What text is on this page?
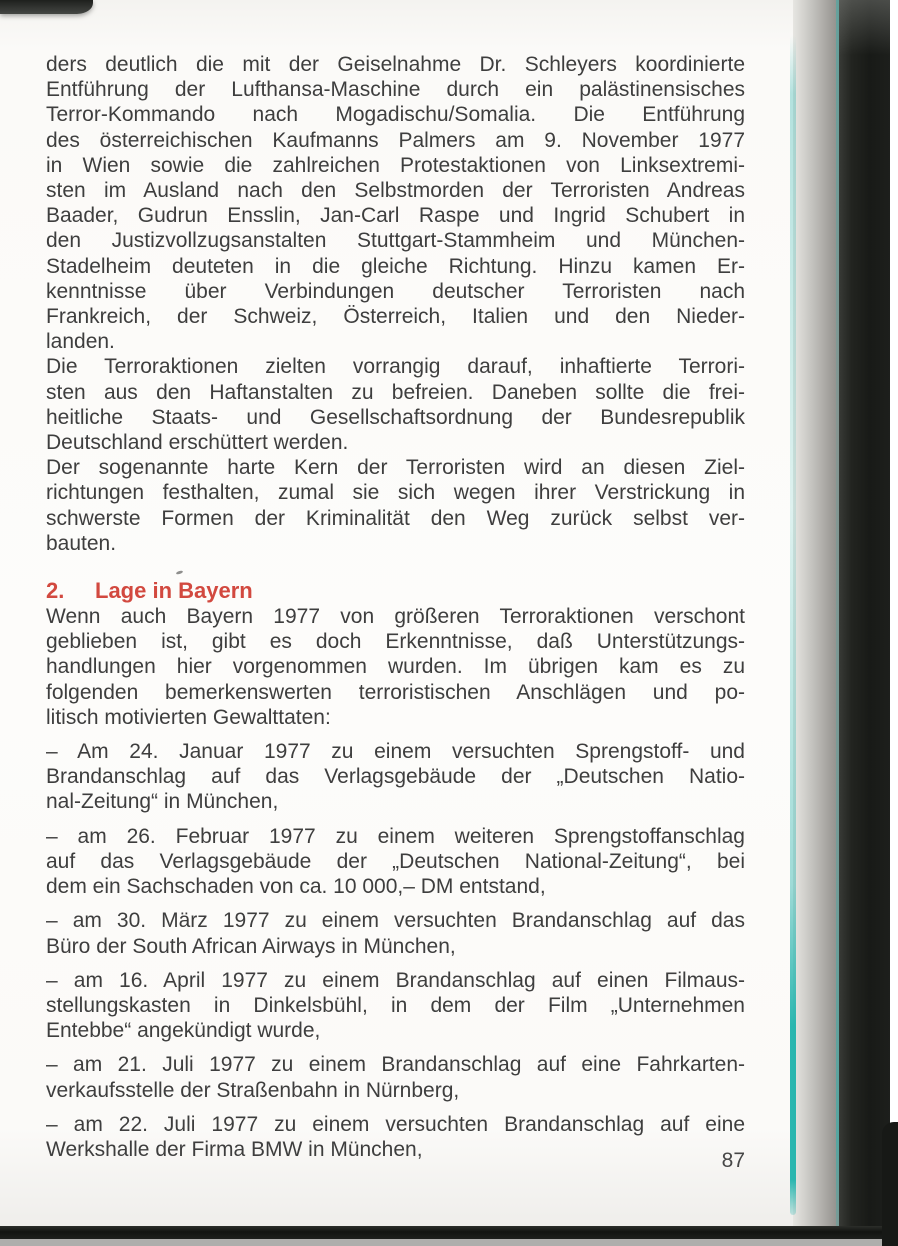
ders deutlich die mit der Geiselnahme Dr. Schleyers koordinierte
Entführung der Lufthansa-Maschine durch ein palästinensisches
Terror-Kommando nach Mogadischu/Somalia. Die Entführung
des österreichischen Kaufmanns Palmers am 9. November 1977
in Wien sowie die zahlreichen Protestaktionen von Linksextremi-
sten im Ausland nach den Selbstmorden der Terroristen Andreas
Baader, Gudrun Ensslin, Jan-Carl Raspe und Ingrid Schubert in
den Justizvollzugsanstalten Stuttgart-Stammheim und München-
Stadelheim deuteten in die gleiche Richtung. Hinzu kamen Er-
kenntnisse über Verbindungen deutscher Terroristen nach
Frankreich, der Schweiz, Österreich, Italien und den Nieder-
landen.
Die Terroraktionen zielten vorrangig darauf, inhaftierte Terrori-
sten aus den Haftanstalten zu befreien. Daneben sollte die frei-
heitliche Staats- und Gesellschaftsordnung der Bundesrepublik
Deutschland erschüttert werden.
Der sogenannte harte Kern der Terroristen wird an diesen Ziel-
richtungen festhalten, zumal sie sich wegen ihrer Verstrickung in
schwerste Formen der Kriminalität den Weg zurück selbst ver-
bauten.
2. Lage in Bayern
Wenn auch Bayern 1977 von größeren Terroraktionen verschont
geblieben ist, gibt es doch Erkenntnisse, daß Unterstützungs-
handlungen hier vorgenommen wurden. Im übrigen kam es zu
folgenden bemerkenswerten terroristischen Anschlägen und po-
litisch motivierten Gewalttaten:
– Am 24. Januar 1977 zu einem versuchten Sprengstoff- und
Brandanschlag auf das Verlagsgebäude der „Deutschen Natio-
nal-Zeitung“ in München,
– am 26. Februar 1977 zu einem weiteren Sprengstoffanschlag
auf das Verlagsgebäude der „Deutschen National-Zeitung“, bei
dem ein Sachschaden von ca. 10 000,– DM entstand,
– am 30. März 1977 zu einem versuchten Brandanschlag auf das
Büro der South African Airways in München,
– am 16. April 1977 zu einem Brandanschlag auf einen Filmaus-
stellungskasten in Dinkelsbühl, in dem der Film „Unternehmen
Entebbe“ angekündigt wurde,
– am 21. Juli 1977 zu einem Brandanschlag auf eine Fahrkarten-
verkaufsstelle der Straßenbahn in Nürnberg,
– am 22. Juli 1977 zu einem versuchten Brandanschlag auf eine
Werkshalle der Firma BMW in München,	87
